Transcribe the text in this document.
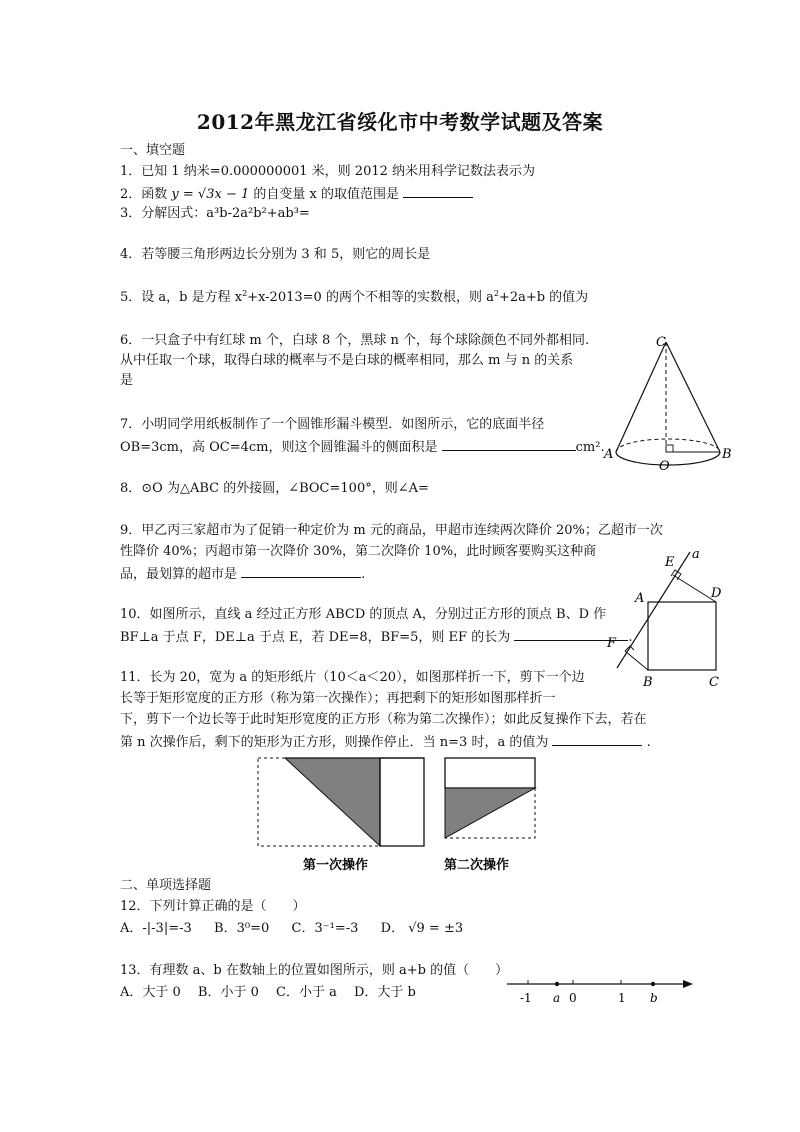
2012年黑龙江省绥化市中考数学试题及答案
一、填空题
1．已知 1 纳米=0.000000001 米，则 2012 纳米用科学记数法表示为
2．函数 y = √3x − 1 的自变量 x 的取值范围是
3．分解因式：a³b-2a²b²+ab³=
4．若等腰三角形两边长分别为 3 和 5，则它的周长是
5．设 a，b 是方程 $x^2+x-2013=0$ 的两个不相等的实数根，则 $a^2+2a+b$ 的值为
6．一只盒子中有红球 m 个，白球 8 个，黑球 n 个，每个球除颜色不同外都相同.
从中任取一个球，取得白球的概率与不是白球的概率相同，那么 m 与 n 的关系
是
7．小明同学用纸板制作了一个圆锥形漏斗模型．如图所示，它的底面半径
OB=3cm，高 OC=4cm，则这个圆锥漏斗的侧面积是	cm².
8．⊙O 为△ABC 的外接圆，∠BOC=100°，则∠A=
9．甲乙丙三家超市为了促销一种定价为 m 元的商品，甲超市连续两次降价 20%；乙超市一次
性降价 40%；丙超市第一次降价 30%，第二次降价 10%，此时顾客要购买这种商
品，最划算的超市是	.
10．如图所示，直线 a 经过正方形 ABCD 的顶点 A，分别过正方形的顶点 B、D 作
BF⊥a 于点 F，DE⊥a 于点 E，若 DE=8，BF=5，则 EF 的长为	.
11．长为 20，宽为 a 的矩形纸片（10＜a＜20），如图那样折一下，剪下一个边
长等于矩形宽度的正方形（称为第一次操作）；再把剩下的矩形如图那样折一
下，剪下一个边长等于此时矩形宽度的正方形（称为第二次操作）；如此反复操作下去，若在
第 n 次操作后，剩下的矩形为正方形，则操作停止．当 n=3 时，a 的值为	.
二、单项选择题
12．下列计算正确的是（　　）
A．-|-3|=-3 B．3⁰=0 C．3⁻¹=-3 D． √9 = ±3
13．有理数 a、b 在数轴上的位置如图所示，则 a+b 的值（　　）
A．大于 0　 B．小于 0　 C．小于 a　 D．大于 b
C
A
O
B
a
E
A	D
F
B	C
第一次操作	第二次操作
-1 a 0	1 b
